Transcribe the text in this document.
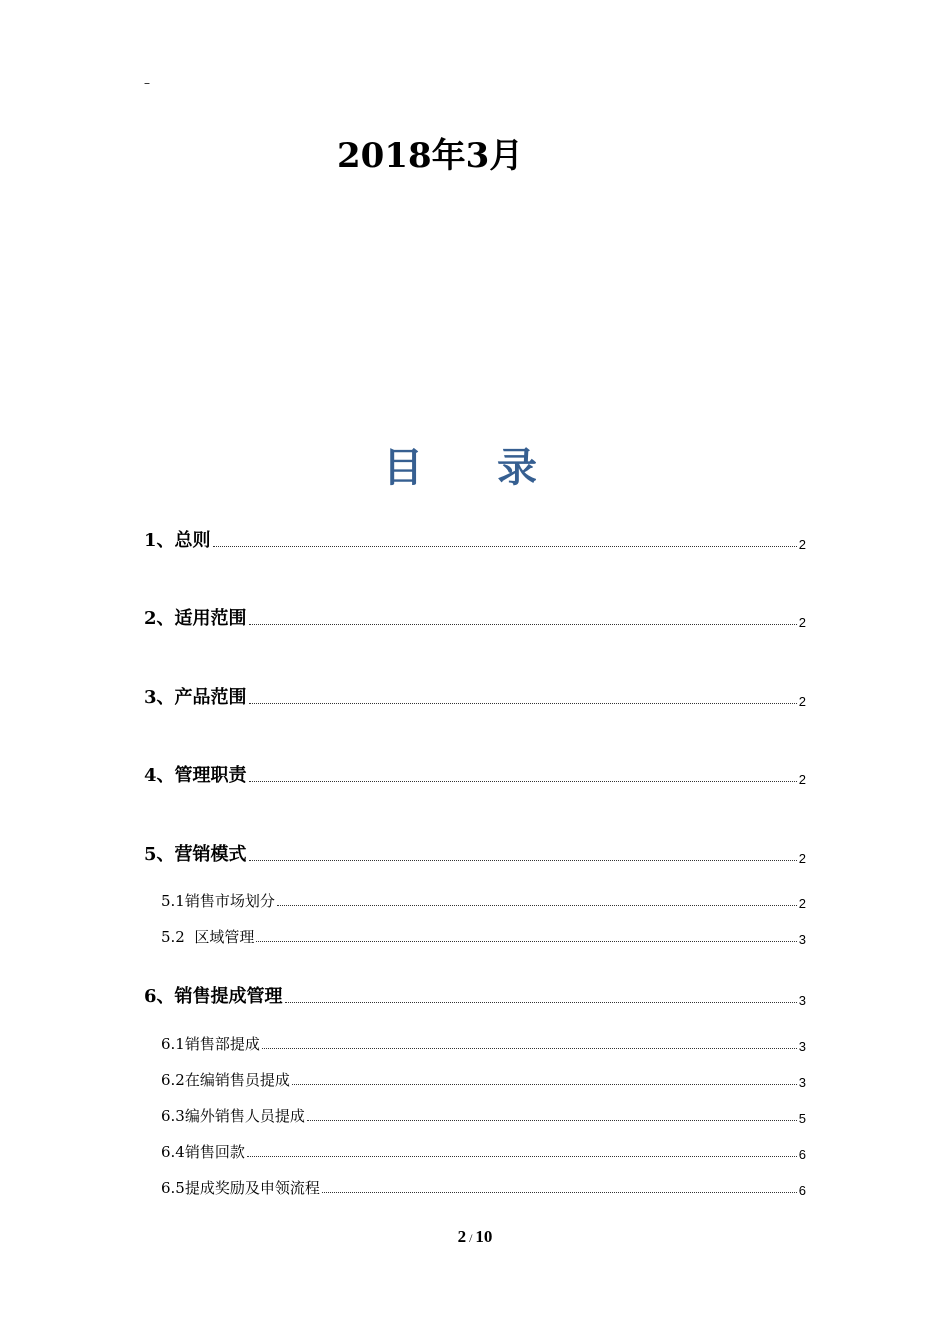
–
2018年3月
目 录
1、总则	2
2、适用范围	2
3、产品范围	2
4、管理职责	2
5、营销模式	2
5.1销售市场划分	2
5.2  区域管理	3
6、销售提成管理	3
6.1销售部提成	3
6.2在编销售员提成	3
6.3编外销售人员提成	5
6.4销售回款	6
6.5提成奖励及申领流程	6
2 / 10
